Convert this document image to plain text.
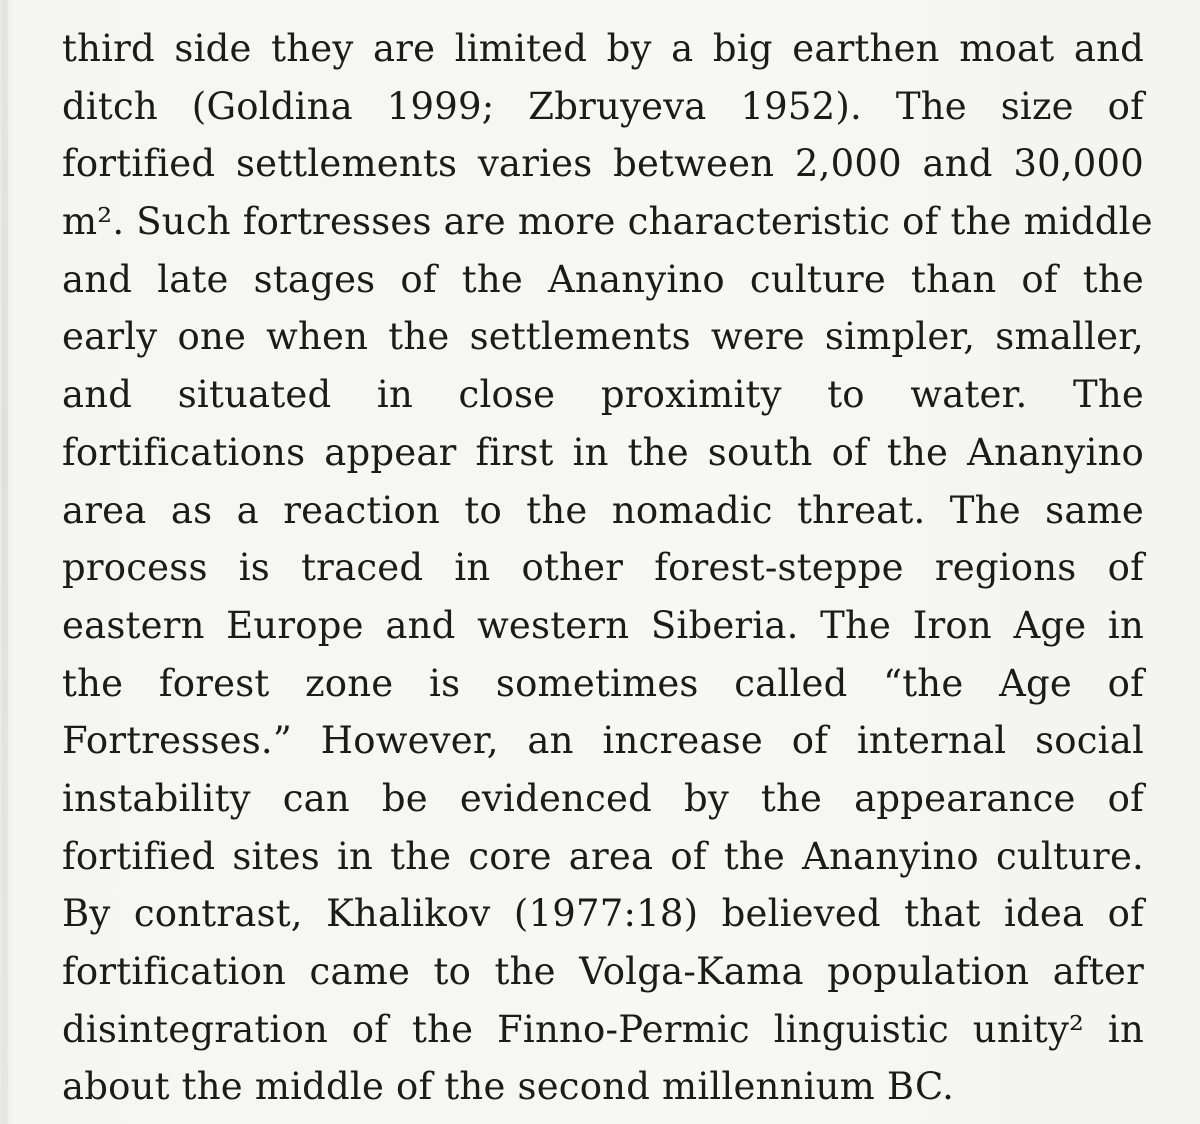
third side they are limited by a big earthen moat and
ditch (Goldina 1999; Zbruyeva 1952). The size of
fortified settlements varies between 2,000 and 30,000
m². Such fortresses are more characteristic of the middle
and late stages of the Ananyino culture than of the
early one when the settlements were simpler, smaller,
and situated in close proximity to water. The
fortifications appear first in the south of the Ananyino
area as a reaction to the nomadic threat. The same
process is traced in other forest-steppe regions of
eastern Europe and western Siberia. The Iron Age in
the forest zone is sometimes called “the Age of
Fortresses.” However, an increase of internal social
instability can be evidenced by the appearance of
fortified sites in the core area of the Ananyino culture.
By contrast, Khalikov (1977:18) believed that idea of
fortification came to the Volga-Kama population after
disintegration of the Finno-Permic linguistic unity² in
about the middle of the second millennium BC.
